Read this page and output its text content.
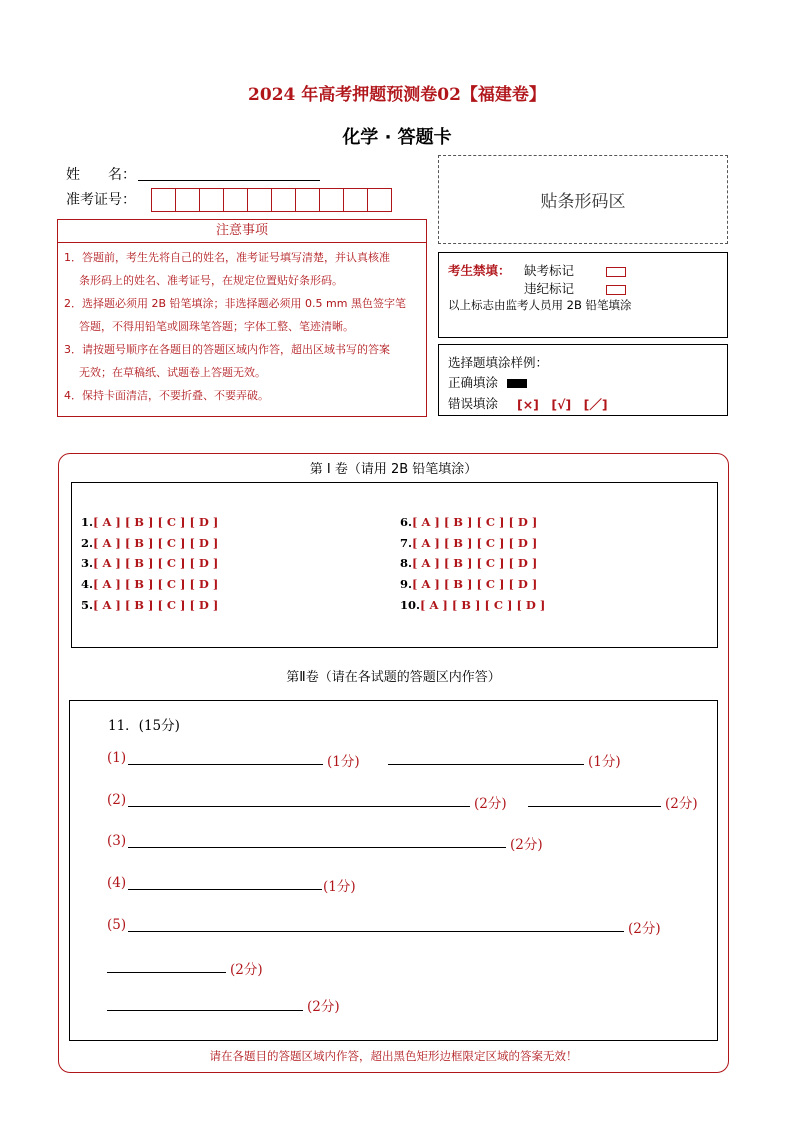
2024 年高考押题预测卷02【福建卷】
化学 · 答题卡
姓　　名：
准考证号：	贴条形码区
注意事项
1．答题前，考生先将自己的姓名，准考证号填写清楚，并认真核准
条形码上的姓名、准考证号，在规定位置贴好条形码。
2．选择题必须用 2B 铅笔填涂；非选择题必须用 0.5 mm 黑色签字笔
答题，不得用铅笔或圆珠笔答题；字体工整、笔迹清晰。
3．请按题号顺序在各题目的答题区域内作答，超出区域书写的答案
无效；在草稿纸、试题卷上答题无效。
4．保持卡面清洁，不要折叠、不要弄破。
考生禁填： 缺考标记
违纪标记
以上标志由监考人员用 2B 铅笔填涂
选择题填涂样例：
正确填涂
错误填涂 [×]　[√]　[／]
第 I 卷（请用 2B 铅笔填涂）
1.[ A ] [ B ] [ C ] [ D ]
2.[ A ] [ B ] [ C ] [ D ]
3.[ A ] [ B ] [ C ] [ D ]
4.[ A ] [ B ] [ C ] [ D ]
5.[ A ] [ B ] [ C ] [ D ]
6.[ A ] [ B ] [ C ] [ D ]
7.[ A ] [ B ] [ C ] [ D ]
8.[ A ] [ B ] [ C ] [ D ]
9.[ A ] [ B ] [ C ] [ D ]
10.[ A ] [ B ] [ C ] [ D ]
第Ⅱ卷（请在各试题的答题区内作答）
11．(15分)
(1)	(1分)	(1分)
(2)	(2分)	(2分)
(3)	(2分)
(4)	(1分)
(5)	(2分)
(2分)
(2分)
请在各题目的答题区域内作答，超出黑色矩形边框限定区域的答案无效！
